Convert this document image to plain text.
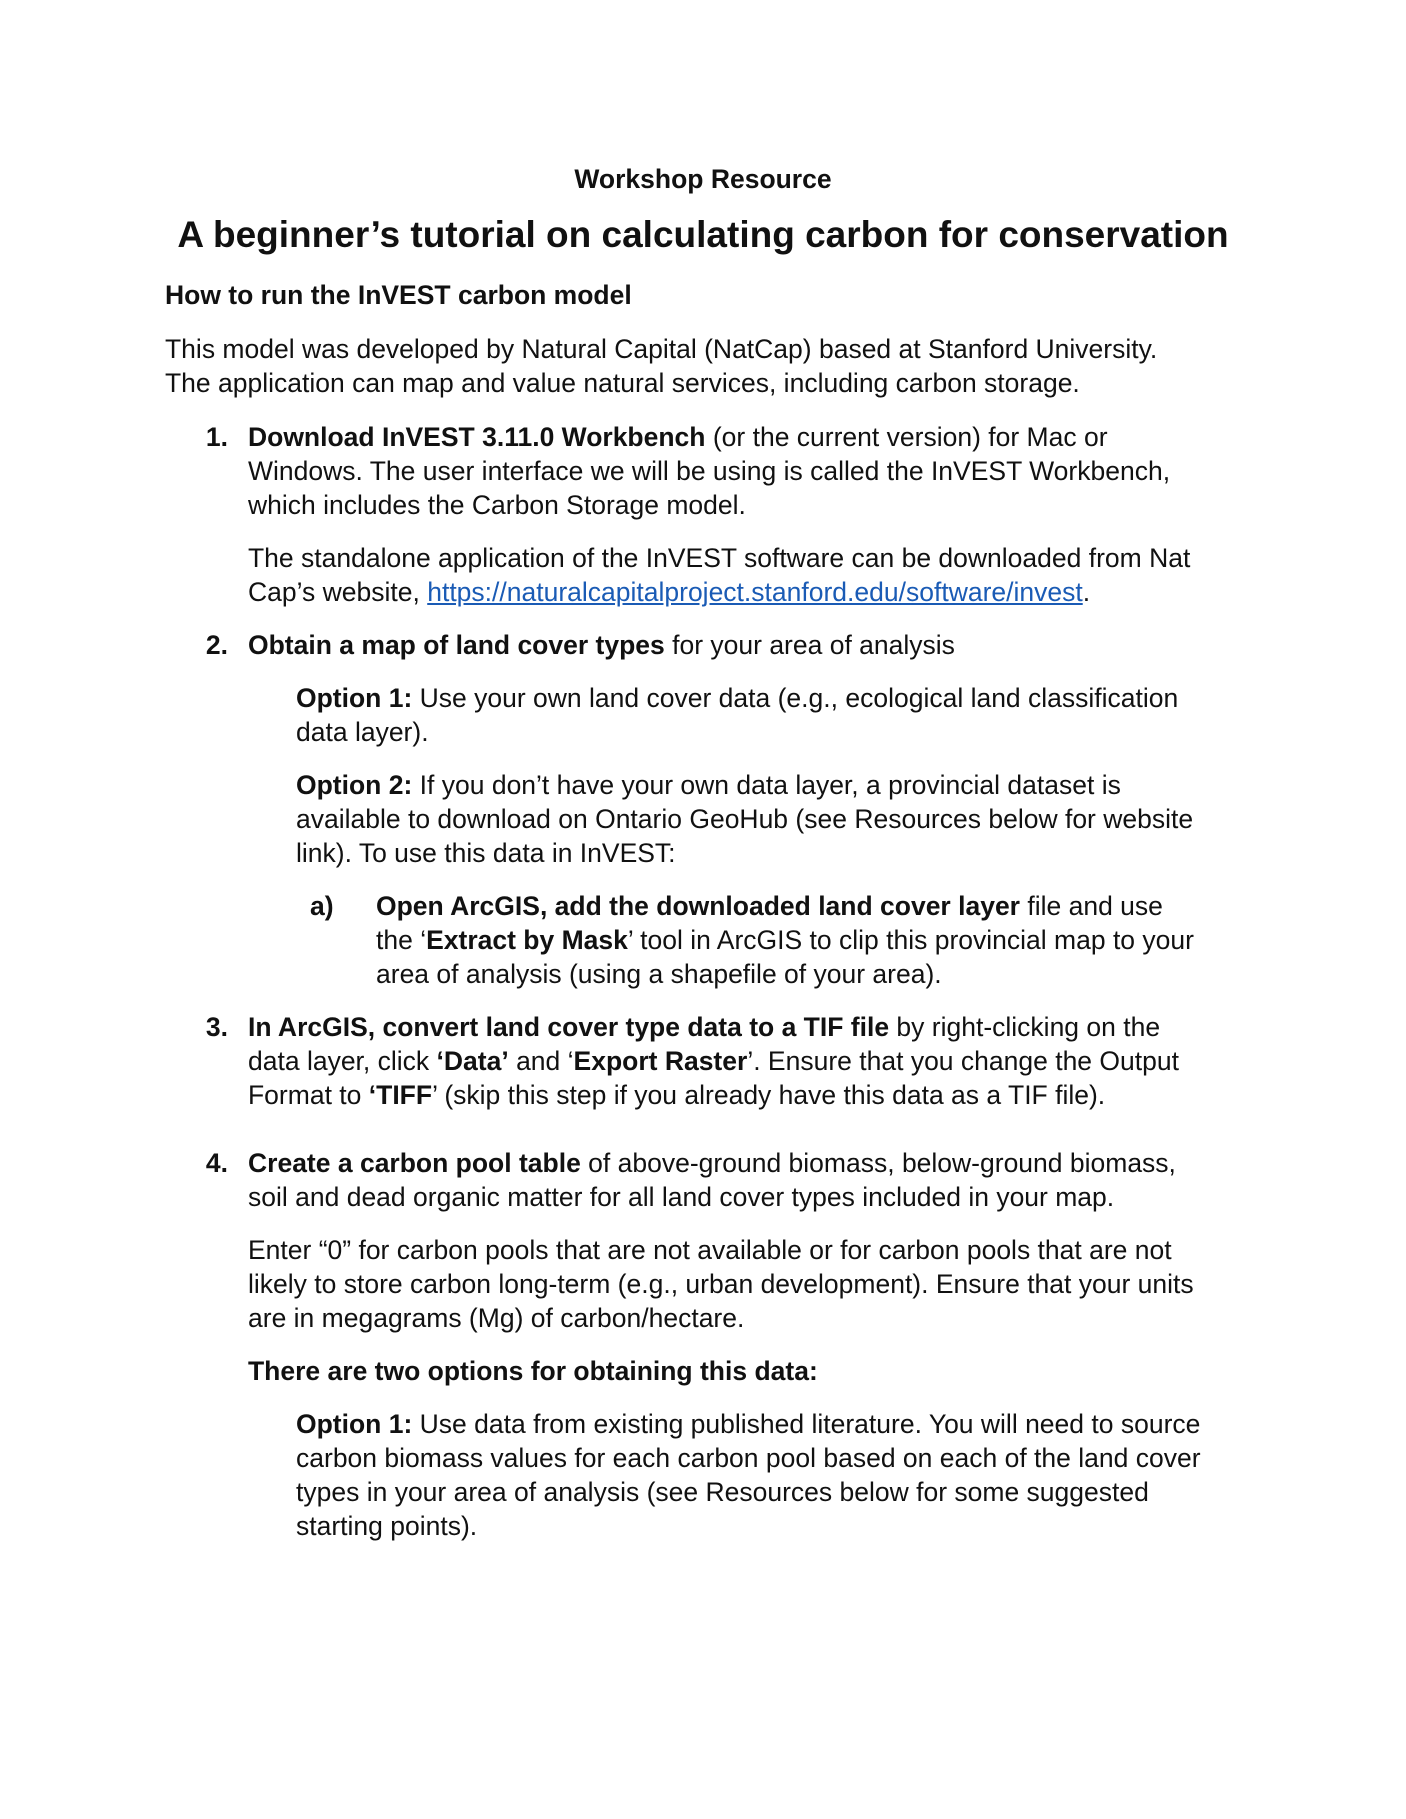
Workshop Resource
A beginner’s tutorial on calculating carbon for conservation
How to run the InVEST carbon model
This model was developed by Natural Capital (NatCap) based at Stanford University.
The application can map and value natural services, including carbon storage.
1. Download InVEST 3.11.0 Workbench (or the current version) for Mac or
Windows. The user interface we will be using is called the InVEST Workbench,
which includes the Carbon Storage model.
The standalone application of the InVEST software can be downloaded from Nat
Cap’s website, https://naturalcapitalproject.stanford.edu/software/invest.
2. Obtain a map of land cover types for your area of analysis
Option 1: Use your own land cover data (e.g., ecological land classification
data layer).
Option 2: If you don’t have your own data layer, a provincial dataset is
available to download on Ontario GeoHub (see Resources below for website
link). To use this data in InVEST:
a) Open ArcGIS, add the downloaded land cover layer file and use
the ‘Extract by Mask’ tool in ArcGIS to clip this provincial map to your
area of analysis (using a shapefile of your area).
3. In ArcGIS, convert land cover type data to a TIF file by right-clicking on the
data layer, click ‘Data’ and ‘Export Raster’. Ensure that you change the Output
Format to ‘TIFF’ (skip this step if you already have this data as a TIF file).
4. Create a carbon pool table of above-ground biomass, below-ground biomass,
soil and dead organic matter for all land cover types included in your map.
Enter “0” for carbon pools that are not available or for carbon pools that are not
likely to store carbon long-term (e.g., urban development). Ensure that your units
are in megagrams (Mg) of carbon/hectare.
There are two options for obtaining this data:
Option 1: Use data from existing published literature. You will need to source
carbon biomass values for each carbon pool based on each of the land cover
types in your area of analysis (see Resources below for some suggested
starting points).
